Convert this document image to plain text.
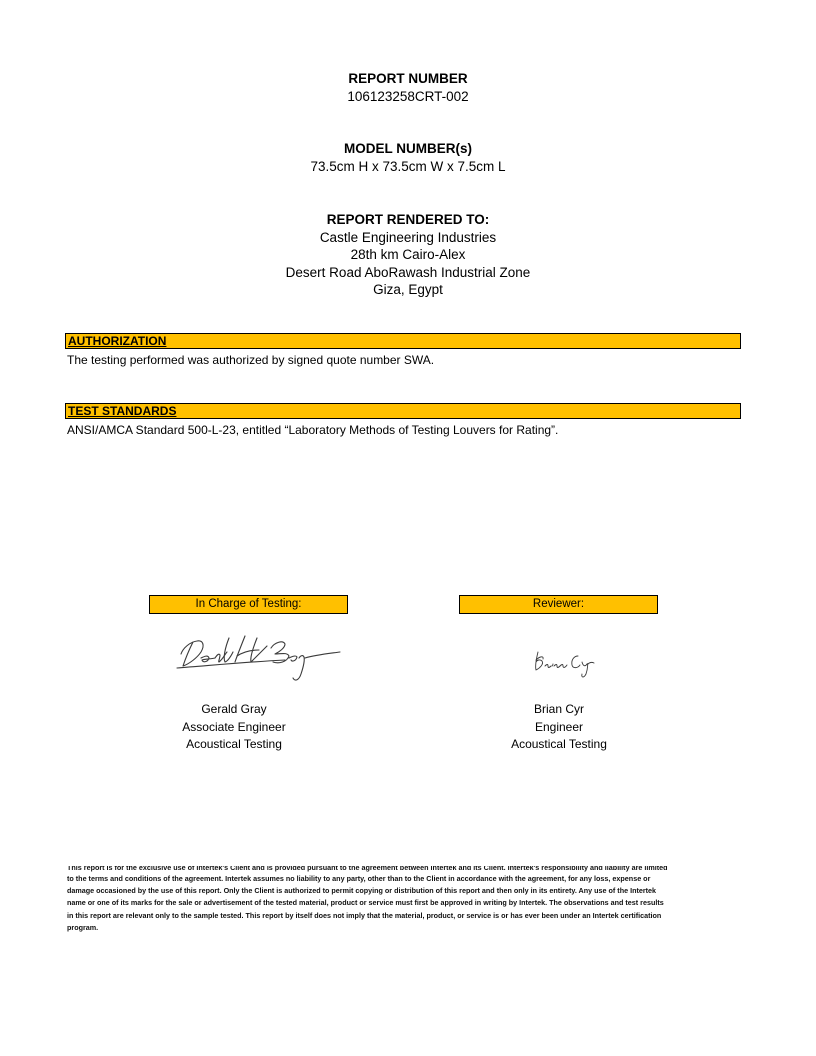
REPORT NUMBER
106123258CRT-002
MODEL NUMBER(s)
73.5cm H x 73.5cm W x 7.5cm L
REPORT RENDERED TO:
Castle Engineering Industries
28th km Cairo-Alex
Desert Road AboRawash Industrial Zone
Giza, Egypt
AUTHORIZATION
The testing performed was authorized by signed quote number SWA.
TEST STANDARDS
ANSI/AMCA Standard 500-L-23, entitled “Laboratory Methods of Testing Louvers for Rating”.
In Charge of Testing:	Reviewer:
Gerald Gray
Associate Engineer
Acoustical Testing
Brian Cyr
Engineer
Acoustical Testing
This report is for the exclusive use of Intertek's Client and is provided pursuant to the agreement between Intertek and its Client. Intertek's responsibility and liability are limited
to the terms and conditions of the agreement. Intertek assumes no liability to any party, other than to the Client in accordance with the agreement, for any loss, expense or
damage occasioned by the use of this report. Only the Client is authorized to permit copying or distribution of this report and then only in its entirety. Any use of the Intertek
name or one of its marks for the sale or advertisement of the tested material, product or service must first be approved in writing by Intertek. The observations and test results
in this report are relevant only to the sample tested. This report by itself does not imply that the material, product, or service is or has ever been under an Intertek certification
program.
